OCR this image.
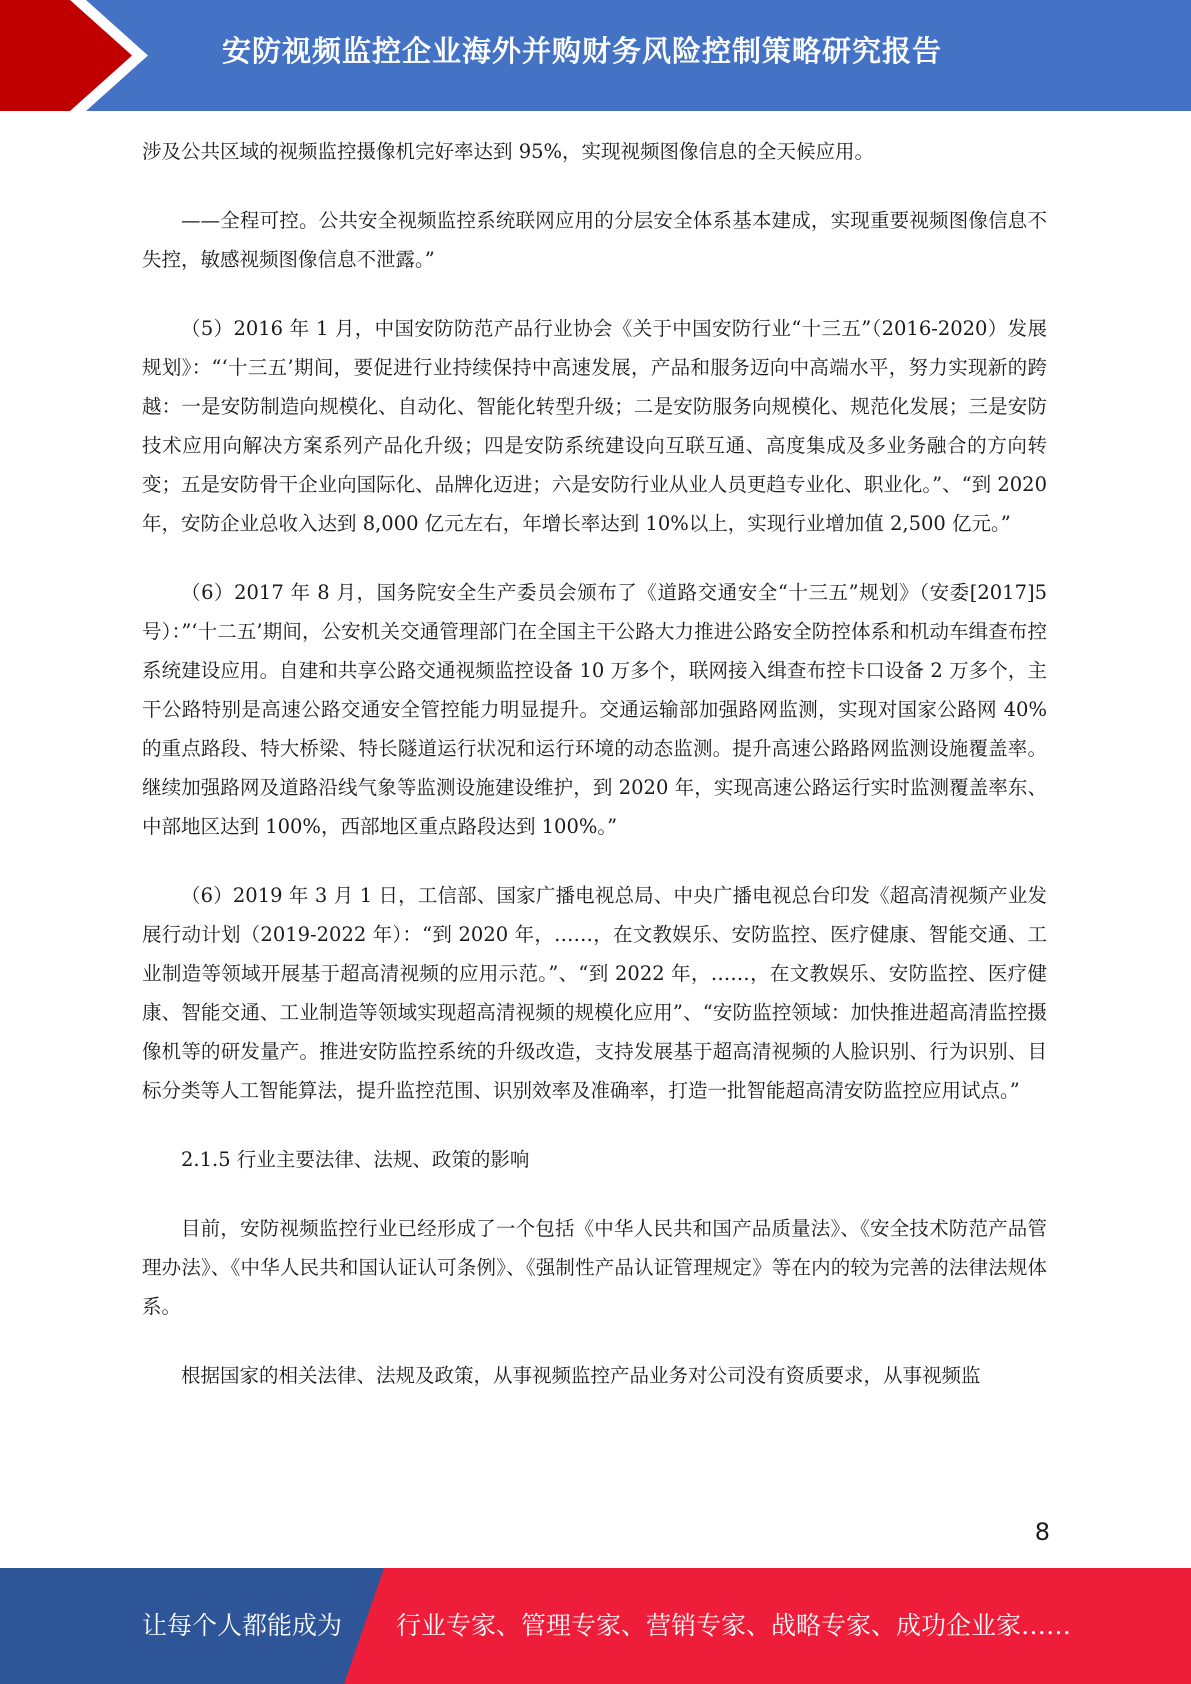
安防视频监控企业海外并购财务风险控制策略研究报告

涉及公共区域的视频监控摄像机完好率达到 95%，实现视频图像信息的全天候应用。

——全程可控。公共安全视频监控系统联网应用的分层安全体系基本建成，实现重要视频图像信息不失控，敏感视频图像信息不泄露。”

（5）2016 年 1 月，中国安防防范产品行业协会《关于中国安防行业“十三五”（2016-2020）发展规划》：“‘十三五’期间，要促进行业持续保持中高速发展，产品和服务迈向中高端水平，努力实现新的跨越：一是安防制造向规模化、自动化、智能化转型升级；二是安防服务向规模化、规范化发展；三是安防技术应用向解决方案系列产品化升级；四是安防系统建设向互联互通、高度集成及多业务融合的方向转变；五是安防骨干企业向国际化、品牌化迈进；六是安防行业从业人员更趋专业化、职业化。”、“到 2020 年，安防企业总收入达到 8,000 亿元左右，年增长率达到 10%以上，实现行业增加值 2,500 亿元。”

（6）2017 年 8 月，国务院安全生产委员会颁布了《道路交通安全“十三五”规划》（安委[2017]5 号）：”‘十二五’期间，公安机关交通管理部门在全国主干公路大力推进公路安全防控体系和机动车缉查布控系统建设应用。自建和共享公路交通视频监控设备 10 万多个，联网接入缉查布控卡口设备 2 万多个，主干公路特别是高速公路交通安全管控能力明显提升。交通运输部加强路网监测，实现对国家公路网 40%的重点路段、特大桥梁、特长隧道运行状况和运行环境的动态监测。提升高速公路路网监测设施覆盖率。继续加强路网及道路沿线气象等监测设施建设维护，到 2020 年，实现高速公路运行实时监测覆盖率东、中部地区达到 100%，西部地区重点路段达到 100%。”

（6）2019 年 3 月 1 日，工信部、国家广播电视总局、中央广播电视总台印发《超高清视频产业发展行动计划（2019-2022 年）：“到 2020 年，……，在文教娱乐、安防监控、医疗健康、智能交通、工业制造等领域开展基于超高清视频的应用示范。”、“到 2022 年，……，在文教娱乐、安防监控、医疗健康、智能交通、工业制造等领域实现超高清视频的规模化应用”、“安防监控领域：加快推进超高清监控摄像机等的研发量产。推进安防监控系统的升级改造，支持发展基于超高清视频的人脸识别、行为识别、目标分类等人工智能算法，提升监控范围、识别效率及准确率，打造一批智能超高清安防监控应用试点。”

2.1.5 行业主要法律、法规、政策的影响

目前，安防视频监控行业已经形成了一个包括《中华人民共和国产品质量法》、《安全技术防范产品管理办法》、《中华人民共和国认证认可条例》、《强制性产品认证管理规定》等在内的较为完善的法律法规体系。

根据国家的相关法律、法规及政策，从事视频监控产品业务对公司没有资质要求，从事视频监

8
让每个人都能成为 行业专家、管理专家、营销专家、战略专家、成功企业家……
